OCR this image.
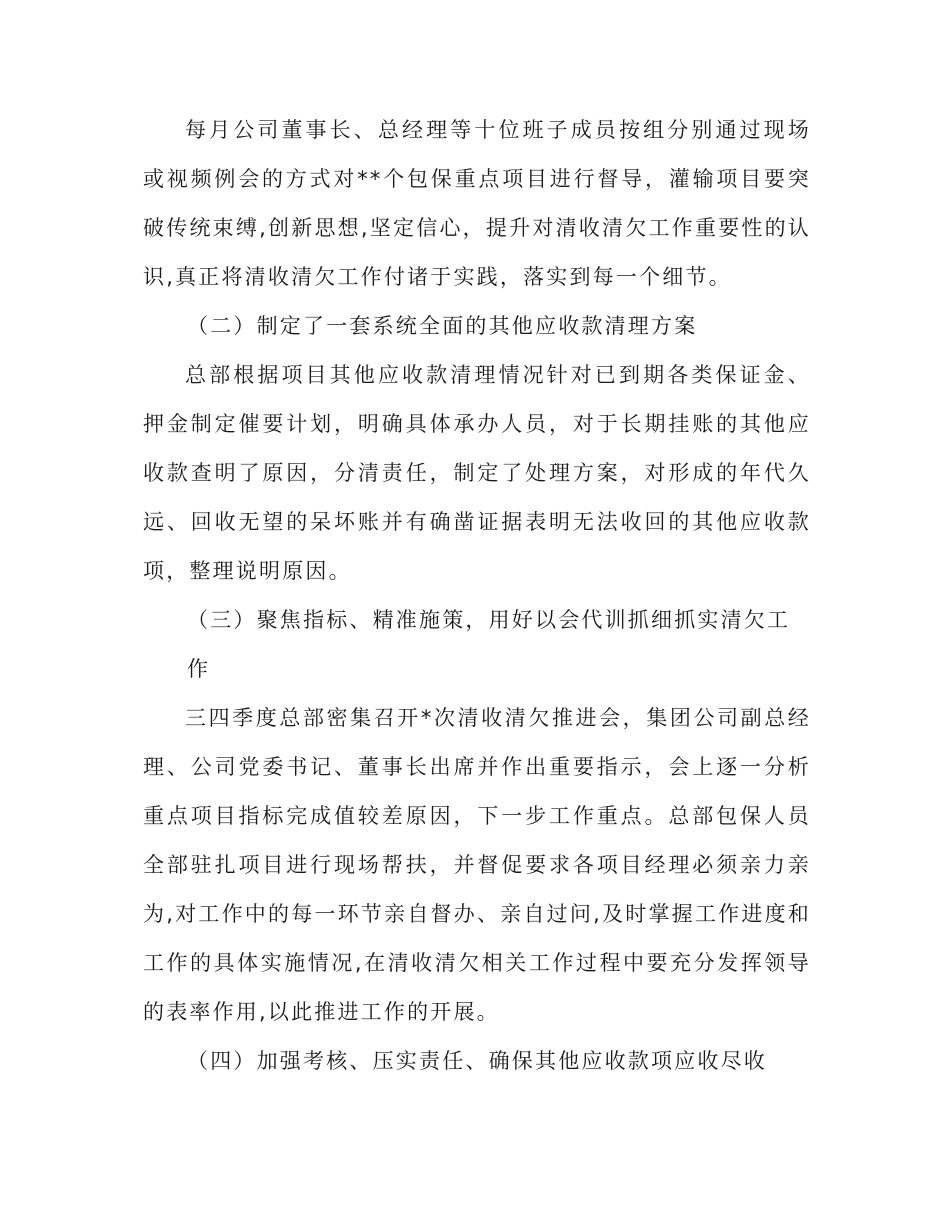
每月公司董事长、总经理等十位班子成员按组分别通过现场或视频例会的方式对**个包保重点项目进行督导，灌输项目要突破传统束缚,创新思想,坚定信心，提升对清收清欠工作重要性的认识,真正将清收清欠工作付诸于实践，落实到每一个细节。

（二）制定了一套系统全面的其他应收款清理方案

总部根据项目其他应收款清理情况针对已到期各类保证金、押金制定催要计划，明确具体承办人员，对于长期挂账的其他应收款查明了原因，分清责任，制定了处理方案，对形成的年代久远、回收无望的呆坏账并有确凿证据表明无法收回的其他应收款项，整理说明原因。

（三）聚焦指标、精准施策，用好以会代训抓细抓实清欠工作

三四季度总部密集召开*次清收清欠推进会，集团公司副总经理、公司党委书记、董事长出席并作出重要指示，会上逐一分析重点项目指标完成值较差原因，下一步工作重点。总部包保人员全部驻扎项目进行现场帮扶，并督促要求各项目经理必须亲力亲为,对工作中的每一环节亲自督办、亲自过问,及时掌握工作进度和工作的具体实施情况,在清收清欠相关工作过程中要充分发挥领导的表率作用,以此推进工作的开展。

（四）加强考核、压实责任、确保其他应收款项应收尽收
